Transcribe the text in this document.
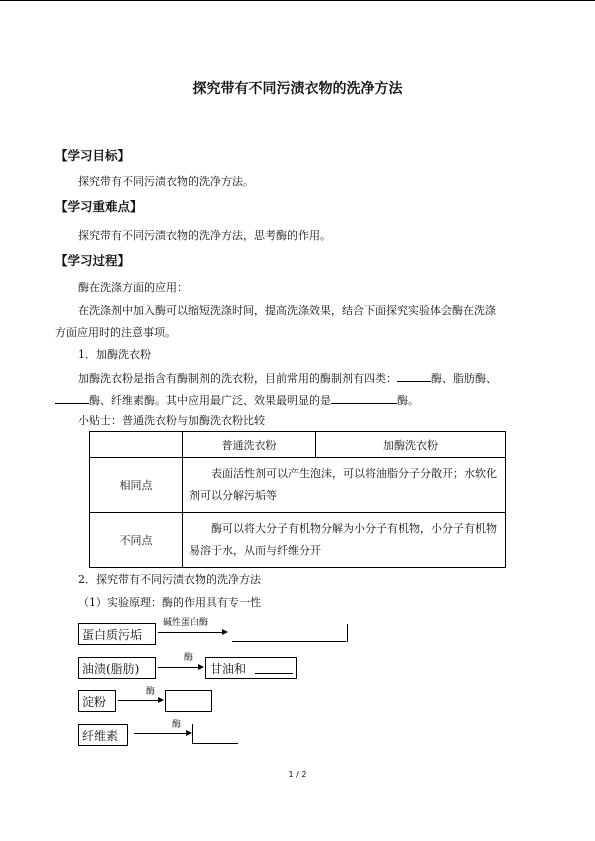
探究带有不同污渍衣物的洗净方法
【学习目标】
探究带有不同污渍衣物的洗净方法。
【学习重难点】
探究带有不同污渍衣物的洗净方法，思考酶的作用。
【学习过程】
酶在洗涤方面的应用：
在洗涤剂中加入酶可以缩短洗涤时间，提高洗涤效果，结合下面探究实验体会酶在洗涤
方面应用时的注意事项。
1．加酶洗衣粉
加酶洗衣粉是指含有酶制剂的洗衣粉，目前常用的酶制剂有四类：	酶、脂肪酶、
酶、纤维素酶。其中应用最广泛、效果最明显的是	酶。
小贴士：普通洗衣粉与加酶洗衣粉比较
	普通洗衣粉	加酶洗衣粉
相同点	表面活性剂可以产生泡沫，可以将油脂分子分散开；水软化剂可以分解污垢等	
不同点	酶可以将大分子有机物分解为小分子有机物，小分子有机物易溶于水，从而与纤维分开	
2．探究带有不同污渍衣物的洗净方法
（1）实验原理：酶的作用具有专一性
蛋白质污垢
碱性蛋白酶
油渍(脂肪)
酶
甘油和
淀粉
酶
纤维素
酶
1 / 2
